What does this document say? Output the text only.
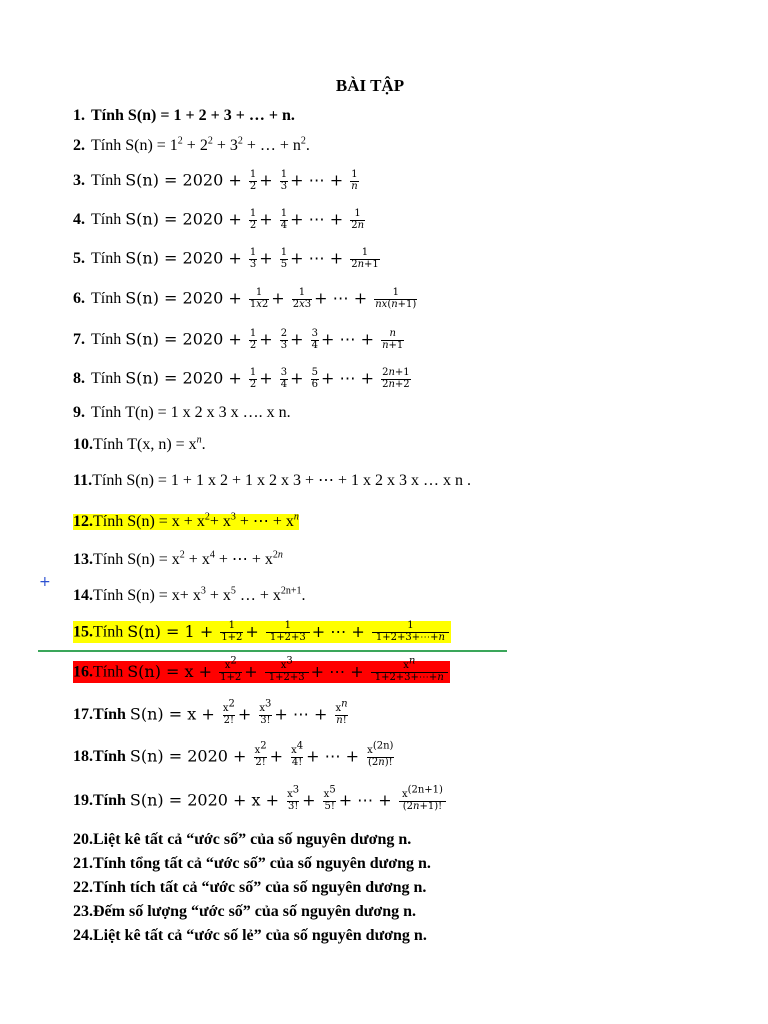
BÀI TẬP
1. Tính
S(n) = 1 + 2 + 3 + … + n.
2. Tính
$S(n) = 1^2 + 2^2 + 3^2$ + … + $n^2$.
3. Tính
$S(n) = 2020 + \frac{1}{2} + \frac{1}{3}$ + ⋯ + $\frac{1}{n}$
4. Tính
$S(n) = 2020 + \frac{1}{2} + \frac{1}{4}$ + ⋯ + $\frac{1}{2n}$
5. Tính
$S(n) = 2020 + \frac{1}{3} + \frac{1}{5}$ + ⋯ + $\frac{1}{2n+1}$
6. Tính
$S(n) = 2020 + \frac{1}{1x2} + \frac{1}{2x3}$ + ⋯ + $\frac{1}{nx(n+1)}$
7. Tính
$S(n) = 2020 + \frac{1}{2} + \frac{2}{3} + \frac{3}{4}$ + ⋯ + $\frac{n}{n+1}$
8. Tính
$S(n) = 2020 + \frac{1}{2} + \frac{3}{4} + \frac{5}{6}$ + ⋯ + $\frac{2n+1}{2n+2}$
9. Tính
T(n) = 1 x 2 x 3 x …. x n.
10. Tính
T(x, $n) = x^n$.
11. Tính
S(n) = 1 + 1 x 2 + 1 x 2 x 3 + ⋯ + 1 x 2 x 3 x … x n .
12.Tính $S(n) = x + x^2+ x^3$ + ⋯ + $x^n$
13. Tính
$S(n) = x^2 + x^4$ + ⋯ + $x^{2n}$
14. Tính
$S(n) = x+ x^3 + x^5$ … + $x^{2n+1}$.
+
15.Tính $S(n) = 1 + \frac{1}{1+2} + \frac{1}{1+2+3}$ + ⋯ + $\frac{1}{1+2+3+\cdots+n}$
16.Tính $S(n) = x + \frac{x^2}{1+2} + \frac{x^3}{1+2+3}$ + ⋯ + $\frac{x^n}{1+2+3+\cdots+n}$
17. Tính
$S(n) = x + \frac{x^2}{2!} + \frac{x^3}{3!}$ + ⋯ + $\frac{x^n}{n!}$
18. Tính
$S(n) = 2020 + \frac{x^2}{2!} + \frac{x^4}{4!}$ + ⋯ + $\frac{x^{(2n)}}{(2n)!}$
19. Tính
$S(n) = 2020 + x + \frac{x^3}{3!} + \frac{x^5}{5!}$ + ⋯ + $\frac{x^{(2n+1)}}{(2n+1)!}$
20. Liệt kê tất cả “ước số” của số nguyên dương n.
21. Tính tổng tất cả “ước số” của số nguyên dương n.
22. Tính tích tất cả “ước số” của số nguyên dương n.
23. Đếm số lượng “ước số” của số nguyên dương n.
24. Liệt kê tất cả “ước số lẻ” của số nguyên dương n.
